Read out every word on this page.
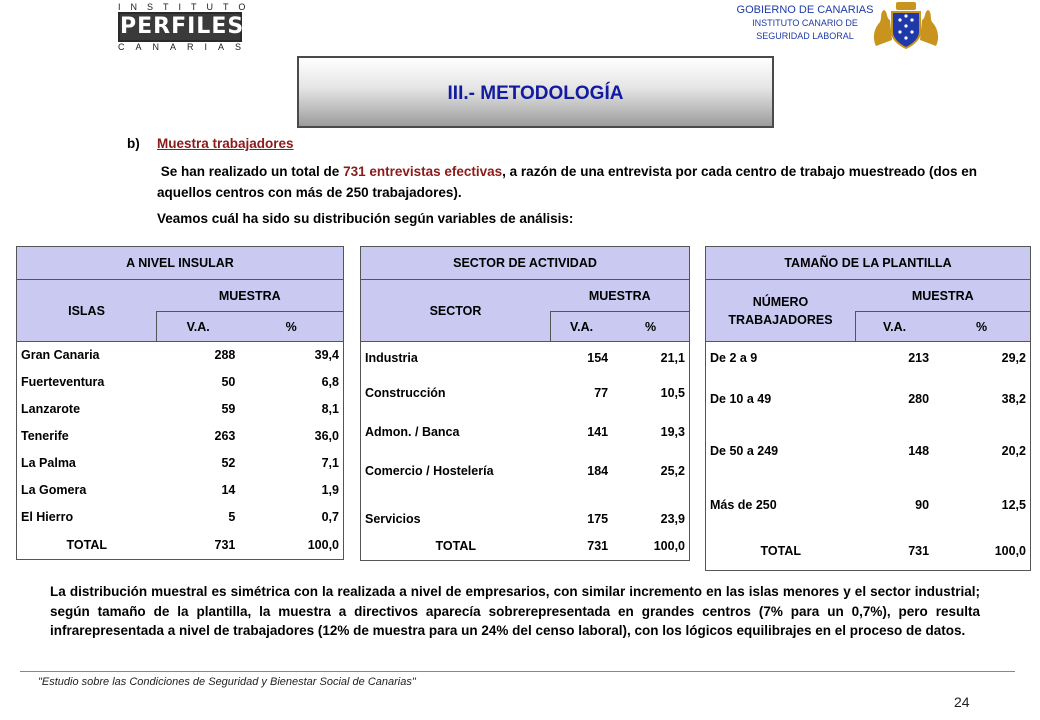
INSTITUTO
PERFILES
CANARIAS
GOBIERNO DE CANARIAS
INSTITUTO CANARIO DE
SEGURIDAD LABORAL
III.- METODOLOGÍA
b) Muestra trabajadores
Se han realizado un total de 731 entrevistas efectivas, a razón de una entrevista por cada centro de trabajo muestreado (dos en aquellos centros con más de 250 trabajadores).
Veamos cuál ha sido su distribución según variables de análisis:
A NIVEL INSULAR		
ISLAS	MUESTRA	
	V.A.	%
Gran Canaria	288	39,4
Fuerteventura	50	6,8
Lanzarote	59	8,1
Tenerife	263	36,0
La Palma	52	7,1
La Gomera	14	1,9
El Hierro	5	0,7
TOTAL	731	100,0
SECTOR DE ACTIVIDAD		
SECTOR	MUESTRA	
	V.A.	%
Industria	154	21,1
Construcción	77	10,5
Admon. / Banca	141	19,3
Comercio / Hostelería	184	25,2
Servicios	175	23,9
TOTAL	731	100,0
TAMAÑO DE LA PLANTILLA		

NÚMERO
TRABAJADORES	MUESTRA	
	V.A.	%
De 2 a 9	213	29,2
De 10 a 49	280	38,2
De 50 a 249	148	20,2
Más de 250	90	12,5
TOTAL	731	100,0
La distribución muestral es simétrica con la realizada a nivel de empresarios, con similar incremento en las islas menores y el sector industrial; según tamaño de la plantilla, la muestra a directivos aparecía sobrerepresentada en grandes centros (7% para un 0,7%), pero resulta infrarepresentada a nivel de trabajadores (12% de muestra para un 24% del censo laboral), con los lógicos equilibrajes en el proceso de datos.
"Estudio sobre las Condiciones de Seguridad y Bienestar Social de Canarias"
24
